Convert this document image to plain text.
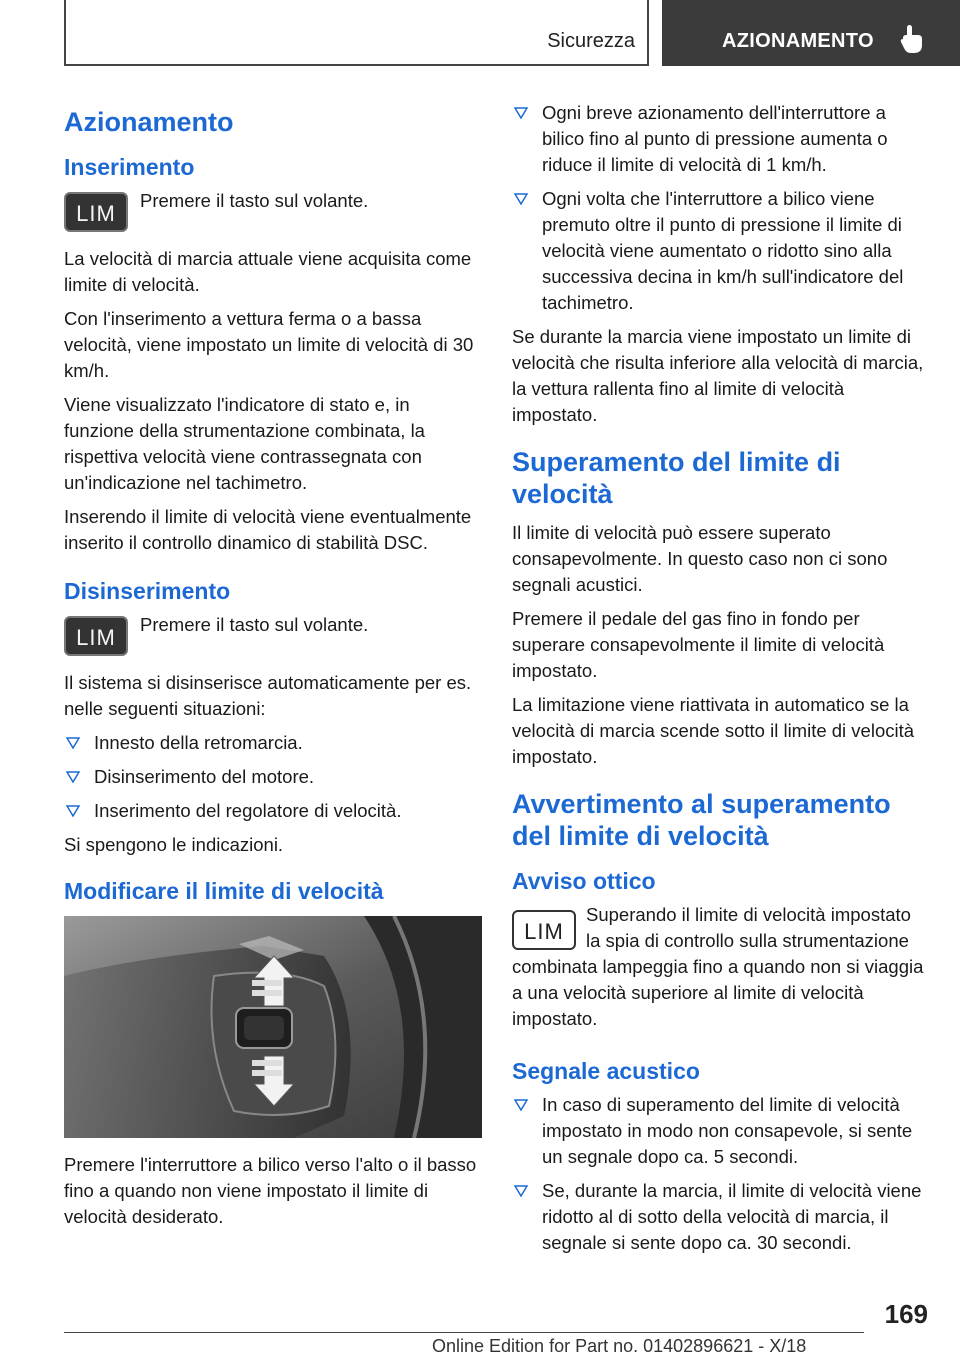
Sicurezza	AZIONAMENTO
Azionamento
Inserimento
LIM

Premere il tasto sul volante.

La velocità di marcia attuale viene acquisita come limite di velocità.

Con l'inserimento a vettura ferma o a bassa velocità, viene impostato un limite di velocità di 30 km/h.

Viene visualizzato l'indicatore di stato e, in funzione della strumentazione combinata, la rispettiva velocità viene contrassegnata con un'indicazione nel tachimetro.

Inserendo il limite di velocità viene eventualmente inserito il controllo dinamico di stabilità DSC.

Disinserimento
LIM

Premere il tasto sul volante.

Il sistema si disinserisce automaticamente per es. nelle seguenti situazioni:

Innesto della retromarcia.
Disinserimento del motore.
Inserimento del regolatore di velocità.

Si spengono le indicazioni.

Modificare il limite di velocità

Premere l'interruttore a bilico verso l'alto o il basso fino a quando non viene impostato il limite di velocità desiderato.

Ogni breve azionamento dell'interruttore a bilico fino al punto di pressione aumenta o riduce il limite di velocità di 1 km/h.
Ogni volta che l'interruttore a bilico viene premuto oltre il punto di pressione il limite di velocità viene aumentato o ridotto sino alla successiva decina in km/h sull'indicatore del tachimetro.

Se durante la marcia viene impostato un limite di velocità che risulta inferiore alla velocità di marcia, la vettura rallenta fino al limite di velocità impostato.

Superamento del limite di velocità

Il limite di velocità può essere superato consapevolmente. In questo caso non ci sono segnali acustici.

Premere il pedale del gas fino in fondo per superare consapevolmente il limite di velocità impostato.

La limitazione viene riattivata in automatico se la velocità di marcia scende sotto il limite di velocità impostato.

Avvertimento al superamento del limite di velocità
Avviso ottico
LIM

Superando il limite di velocità impostato la spia di controllo sulla strumentazione combinata lampeggia fino a quando non si viaggia a una velocità superiore al limite di velocità impostato.

Segnale acustico
In caso di superamento del limite di velocità impostato in modo non consapevole, si sente un segnale dopo ca. 5 secondi.
Se, durante la marcia, il limite di velocità viene ridotto al di sotto della velocità di marcia, il segnale si sente dopo ca. 30 secondi.
169
Online Edition for Part no. 01402896621 - X/18
